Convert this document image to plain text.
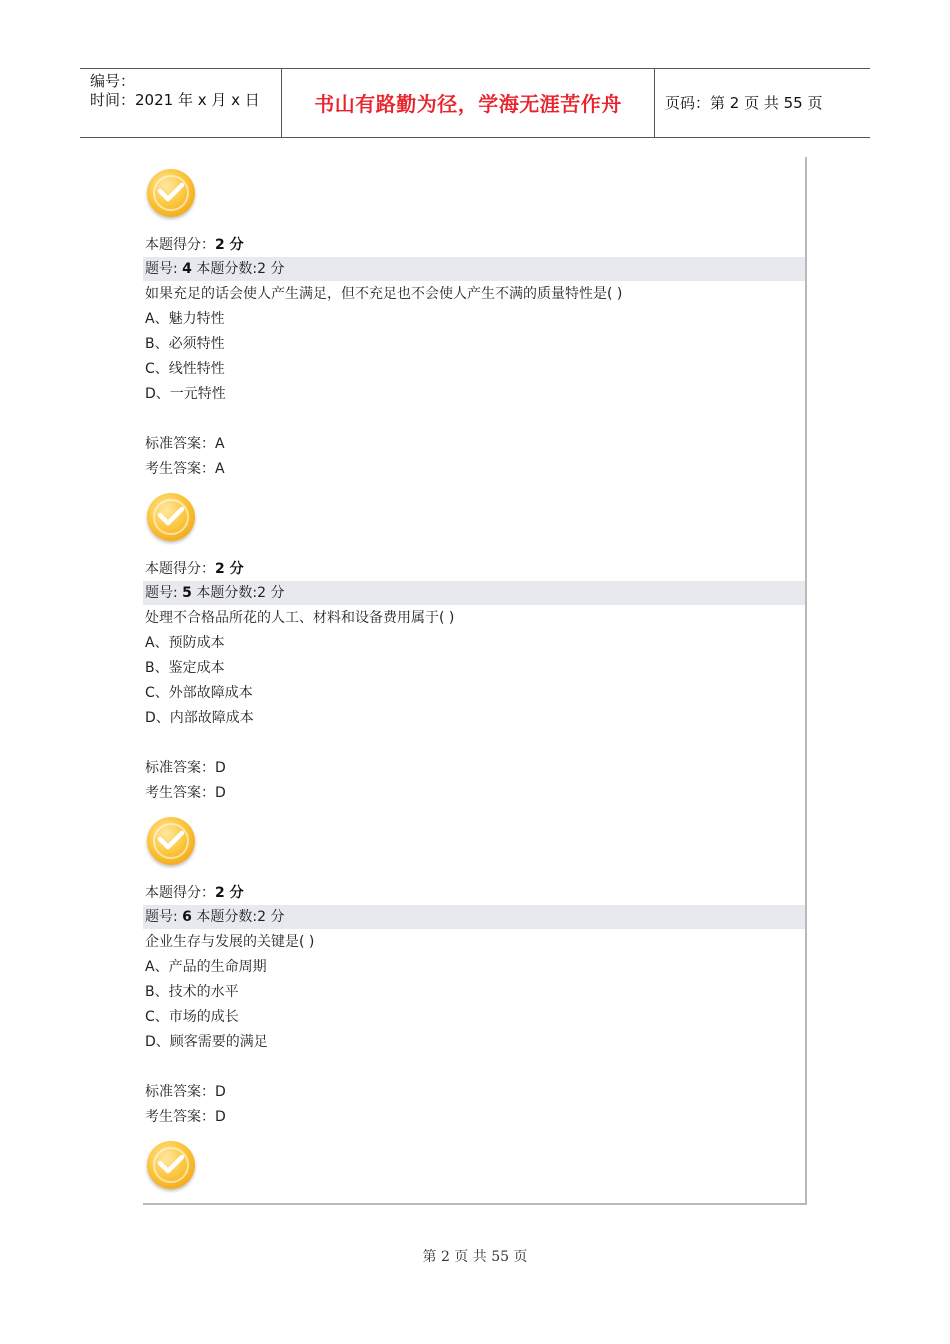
编号：
时间：2021 年 x 月 x 日	书山有路勤为径，学海无涯苦作舟	页码：第 2 页 共 55 页
本题得分：2 分
题号: 4 本题分数:2 分
如果充足的话会使人产生满足，但不充足也不会使人产生不满的质量特性是( )
A、魅力特性
B、必须特性
C、线性特性
D、一元特性
标准答案：A
考生答案：A
本题得分：2 分
题号: 5 本题分数:2 分
处理不合格品所花的人工、材料和设备费用属于( )
A、预防成本
B、鉴定成本
C、外部故障成本
D、内部故障成本
标准答案：D
考生答案：D
本题得分：2 分
题号: 6 本题分数:2 分
企业生存与发展的关键是( )
A、产品的生命周期
B、技术的水平
C、市场的成长
D、顾客需要的满足
标准答案：D
考生答案：D
第 2 页 共 55 页
